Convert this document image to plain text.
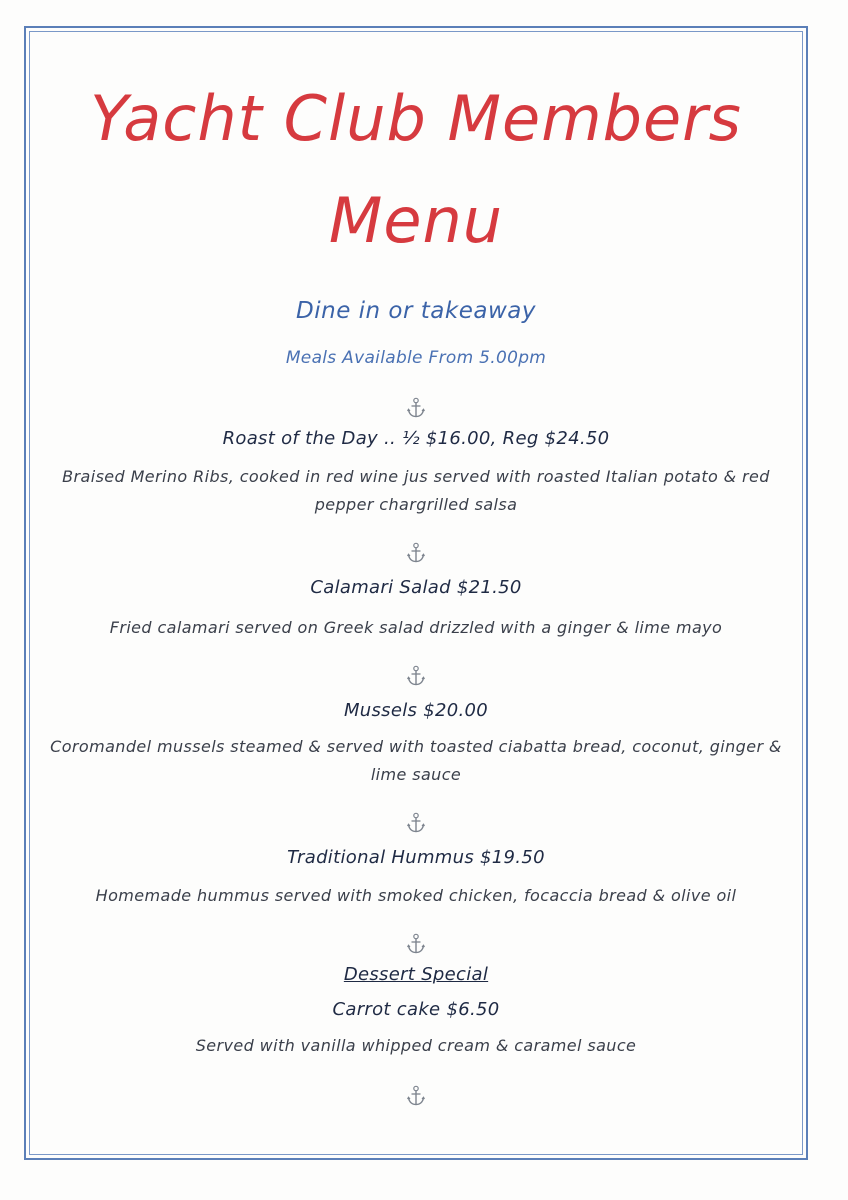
Yacht Club Members
Menu
Dine in or takeaway
Meals Available From 5.00pm
Roast of the Day .. ½ $16.00, Reg $24.50
Braised Merino Ribs, cooked in red wine jus served with roasted Italian potato & red pepper chargrilled salsa
Calamari Salad $21.50
Fried calamari served on Greek salad drizzled with a ginger & lime mayo
Mussels $20.00
Coromandel mussels steamed & served with toasted ciabatta bread, coconut, ginger & lime sauce
Traditional Hummus $19.50
Homemade hummus served with smoked chicken, focaccia bread & olive oil
Dessert Special
Carrot cake $6.50
Served with vanilla whipped cream & caramel sauce
